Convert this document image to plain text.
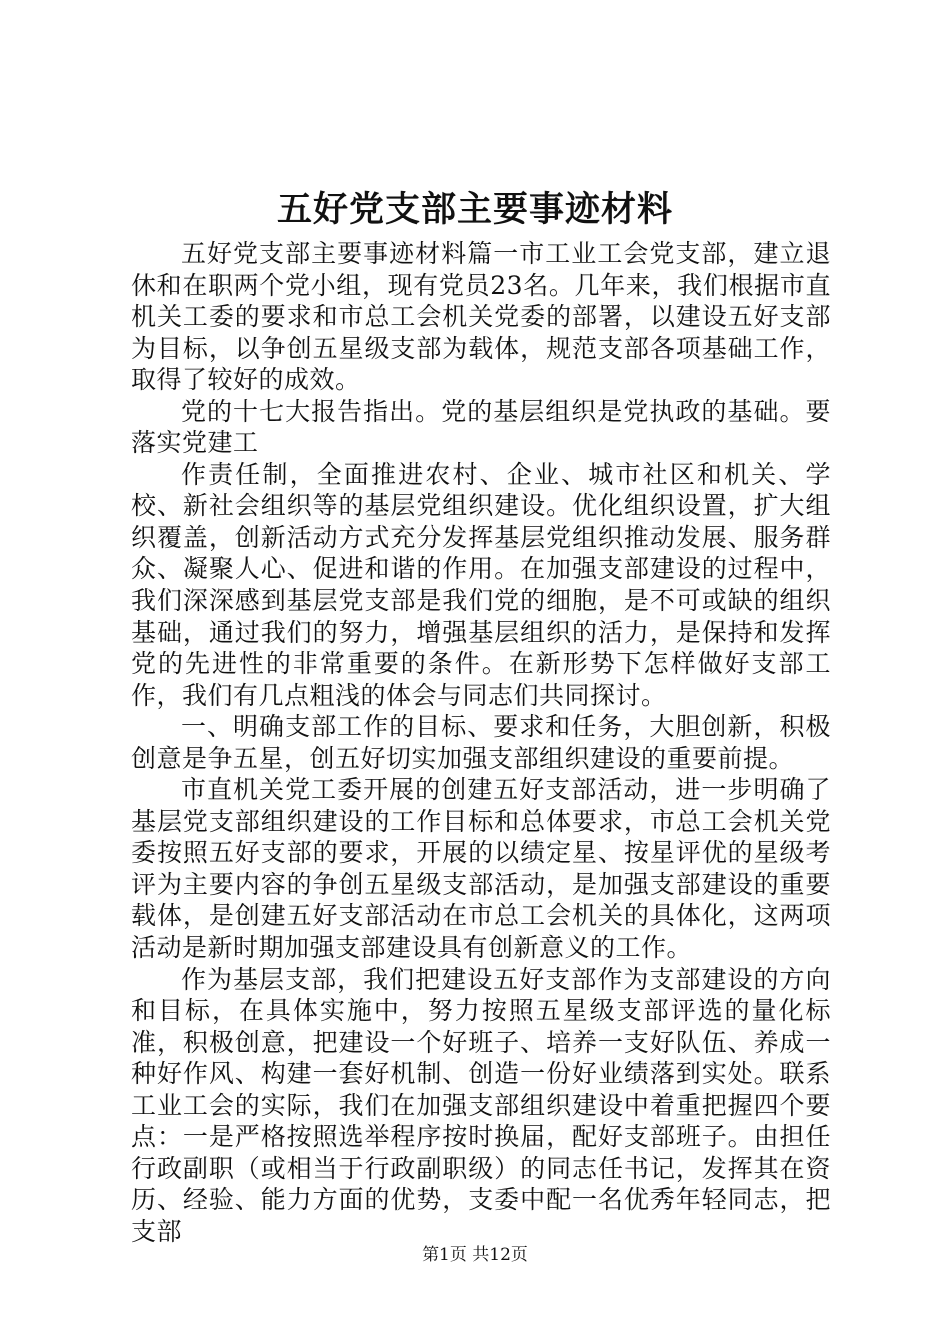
五好党支部主要事迹材料

五好党支部主要事迹材料篇一市工业工会党支部，建立退休和在职两个党小组，现有党员23名。几年来，我们根据市直机关工委的要求和市总工会机关党委的部署，以建设五好支部为目标，以争创五星级支部为载体，规范支部各项基础工作，取得了较好的成效。

党的十七大报告指出。党的基层组织是党执政的基础。要落实党建工

作责任制，全面推进农村、企业、城市社区和机关、学校、新社会组织等的基层党组织建设。优化组织设置，扩大组织覆盖，创新活动方式充分发挥基层党组织推动发展、服务群众、凝聚人心、促进和谐的作用。在加强支部建设的过程中，我们深深感到基层党支部是我们党的细胞，是不可或缺的组织基础，通过我们的努力，增强基层组织的活力，是保持和发挥党的先进性的非常重要的条件。在新形势下怎样做好支部工作，我们有几点粗浅的体会与同志们共同探讨。

一、明确支部工作的目标、要求和任务，大胆创新，积极创意是争五星，创五好切实加强支部组织建设的重要前提。

市直机关党工委开展的创建五好支部活动，进一步明确了基层党支部组织建设的工作目标和总体要求，市总工会机关党委按照五好支部的要求，开展的以绩定星、按星评优的星级考评为主要内容的争创五星级支部活动，是加强支部建设的重要载体，是创建五好支部活动在市总工会机关的具体化，这两项活动是新时期加强支部建设具有创新意义的工作。

作为基层支部，我们把建设五好支部作为支部建设的方向和目标，在具体实施中，努力按照五星级支部评选的量化标准，积极创意，把建设一个好班子、培养一支好队伍、养成一种好作风、构建一套好机制、创造一份好业绩落到实处。联系工业工会的实际，我们在加强支部组织建设中着重把握四个要点：一是严格按照选举程序按时换届，配好支部班子。由担任行政副职（或相当于行政副职级）的同志任书记，发挥其在资历、经验、能力方面的优势，支委中配一名优秀年轻同志，把支部

第1页 共12页
